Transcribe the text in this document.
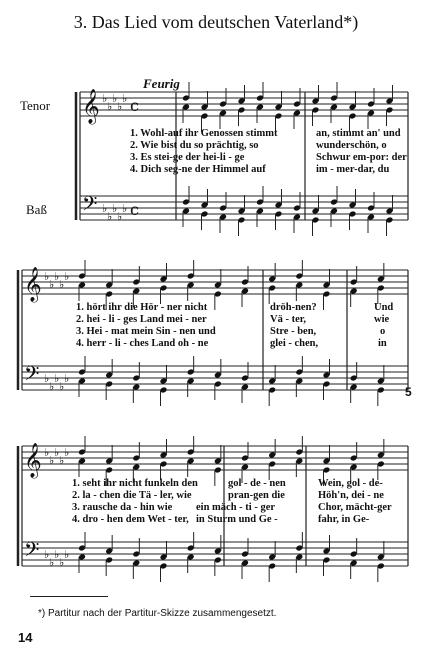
3. Das Lied vom deutschen Vaterland*)
Tenor
Baß
Feurig
𝄞
𝄢
♭
♭
♭
♭
♭
♭
♭
♭
♭
♭
c
c
𝄞
𝄢
♭
♭
♭
♭
♭
♭
♭
♭
♭
♭
𝄞
𝄢
♭
♭
♭
♭
♭
♭
♭
♭
♭
♭
1. Wohl-auf ihr Genossen stimmt	an, stimmt an' und
2. Wie bist du so prächtig, so	wunderschön, o
3. Es stei-ge der hei-li - ge	Schwur em-por: der
4. Dich seg-ne der Himmel auf	im - mer-dar, du
1. hört ihr die Hör - ner nicht	dröh-nen?	Und
2. hei - li - ges Land mei - ner	Vä - ter,	wie
3. Hei - mat mein Sin - nen und	Stre - ben,	o
4. herr - li - ches Land oh - ne	glei - chen,	in
1. seht ihr nicht funkeln den	gol - de - nen	Wein, gol - de-
2. la - chen die Tä - ler, wie	pran-gen die	Höh'n, dei - ne
3. rausche da - hin wie ein mäch - ti - ger	Chor, mächt-ger
4. dro - hen dem Wet - ter, in Sturm und Ge -	fahr, in Ge-
5
*) Partitur nach der Partitur-Skizze zusammengesetzt.
14
